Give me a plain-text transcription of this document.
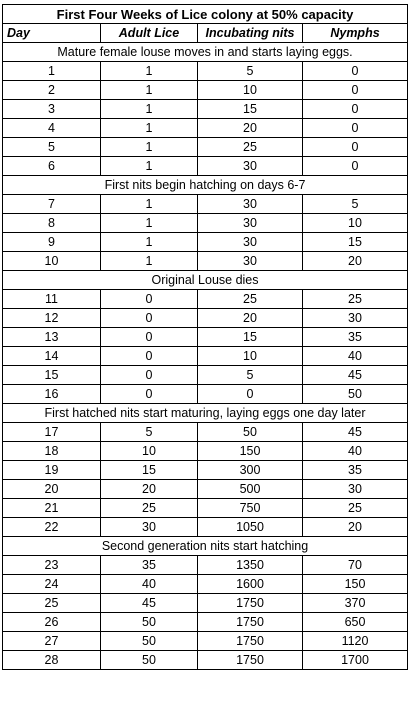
First Four Weeks of Lice colony at 50% capacity			
Day	Adult Lice	Incubating nits	Nymphs
Mature female louse moves in and starts laying eggs.			
1	1	5	0
2	1	10	0
3	1	15	0
4	1	20	0
5	1	25	0
6	1	30	0
First nits begin hatching on days 6-7			
7	1	30	5
8	1	30	10
9	1	30	15
10	1	30	20
Original Louse dies			
11	0	25	25
12	0	20	30
13	0	15	35
14	0	10	40
15	0	5	45
16	0	0	50
First hatched nits start maturing, laying eggs one day later			
17	5	50	45
18	10	150	40
19	15	300	35
20	20	500	30
21	25	750	25
22	30	1050	20
Second generation nits start hatching			
23	35	1350	70
24	40	1600	150
25	45	1750	370
26	50	1750	650
27	50	1750	1120
28	50	1750	1700
